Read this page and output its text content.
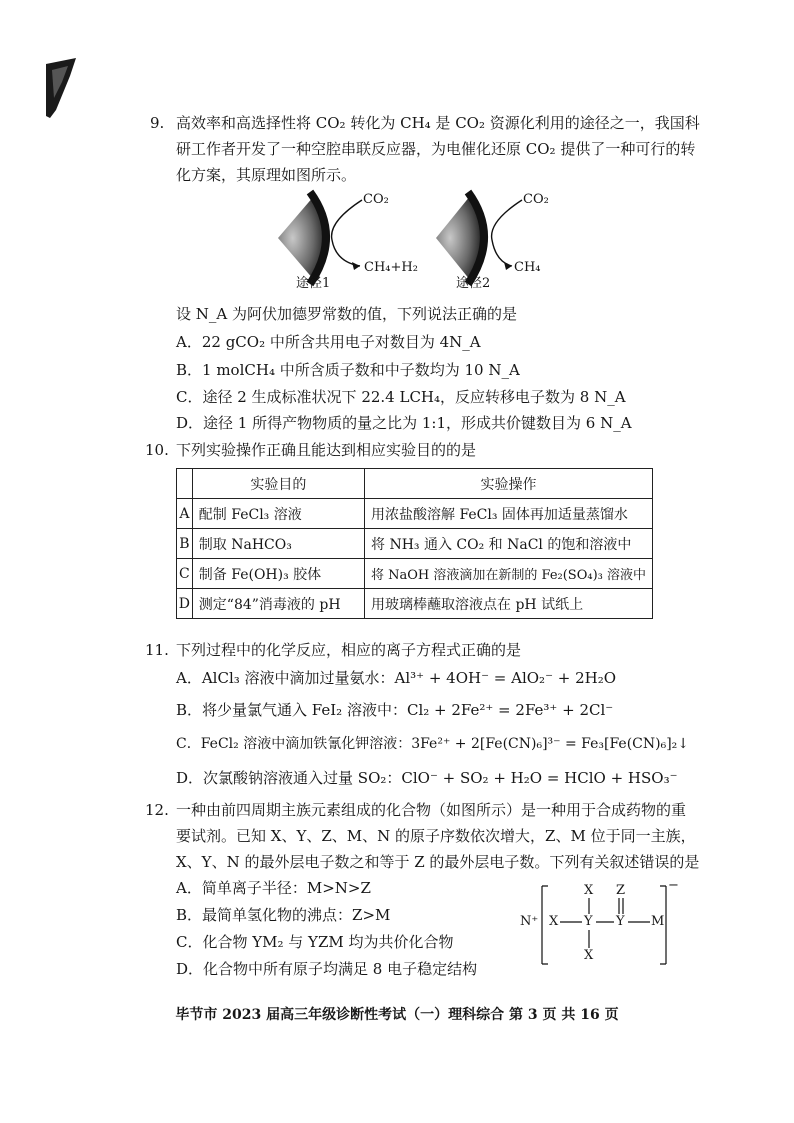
9. 高效率和高选择性将 CO₂ 转化为 CH₄ 是 CO₂ 资源化利用的途径之一，我国科
研工作者开发了一种空腔串联反应器，为电催化还原 CO₂ 提供了一种可行的转
化方案，其原理如图所示。
CO₂
CH₄+H₂
途径1
CO₂
CH₄
途径2
设 N_A 为阿伏加德罗常数的值，下列说法正确的是
A．22 gCO₂ 中所含共用电子对数目为 4N_A
B．1 molCH₄ 中所含质子数和中子数均为 10 N_A
C．途径 2 生成标准状况下 22.4 LCH₄，反应转移电子数为 8 N_A
D．途径 1 所得产物物质的量之比为 1:1，形成共价键数目为 6 N_A
10. 下列实验操作正确且能达到相应实验目的的是
	实验目的	实验操作
A	配制 FeCl₃ 溶液	用浓盐酸溶解 FeCl₃ 固体再加适量蒸馏水
B	制取 NaHCO₃	将 NH₃ 通入 CO₂ 和 NaCl 的饱和溶液中
C	制备 Fe(OH)₃ 胶体	将 NaOH 溶液滴加在新制的 Fe₂(SO₄)₃ 溶液中
D	测定“84”消毒液的 pH	用玻璃棒蘸取溶液点在 pH 试纸上
11. 下列过程中的化学反应，相应的离子方程式正确的是
A．AlCl₃ 溶液中滴加过量氨水：Al³⁺ + 4OH⁻ = AlO₂⁻ + 2H₂O
B．将少量氯气通入 FeI₂ 溶液中：Cl₂ + 2Fe²⁺ = 2Fe³⁺ + 2Cl⁻
C．FeCl₂ 溶液中滴加铁氰化钾溶液：3Fe²⁺ + 2[Fe(CN)₆]³⁻ = Fe₃[Fe(CN)₆]₂↓
D．次氯酸钠溶液通入过量 SO₂：ClO⁻ + SO₂ + H₂O = HClO + HSO₃⁻
12. 一种由前四周期主族元素组成的化合物（如图所示）是一种用于合成药物的重
要试剂。已知 X、Y、Z、M、N 的原子序数依次增大，Z、M 位于同一主族，
X、Y、N 的最外层电子数之和等于 Z 的最外层电子数。下列有关叙述错误的是
A．简单离子半径：M>N>Z
B．最简单氢化物的沸点：Z>M
C．化合物 YM₂ 与 YZM 均为共价化合物
D．化合物中所有原子均满足 8 电子稳定结构
N⁺ X Y Y M
X
X
Z	−
毕节市 2023 届高三年级诊断性考试（一）理科综合 第 3 页 共 16 页
